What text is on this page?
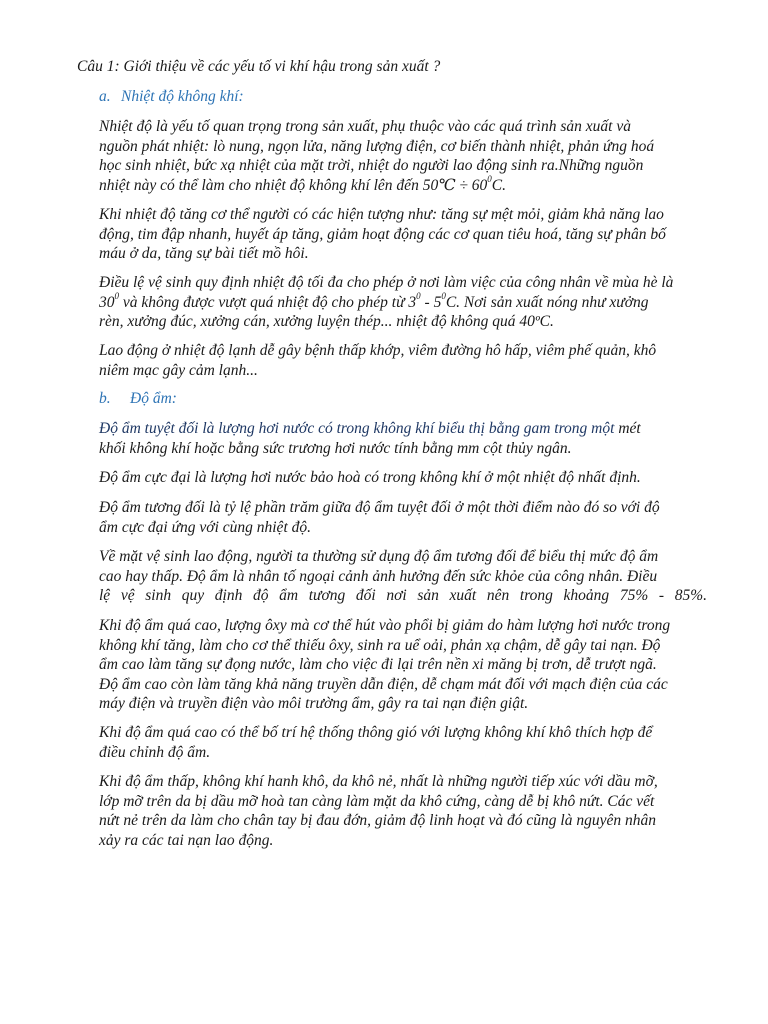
Câu 1: Giới thiệu về các yếu tố vi khí hậu trong sản xuất ?
a. Nhiệt độ không khí:
Nhiệt độ là yếu tố quan trọng trong sản xuất, phụ thuộc vào các quá trình sản xuất và
nguồn phát nhiệt: lò nung, ngọn lửa, năng lượng điện, cơ biến thành nhiệt, phản ứng hoá
học sinh nhiệt, bức xạ nhiệt của mặt trời, nhiệt do người lao động sinh ra.Những nguồn
nhiệt này có thể làm cho nhiệt độ không khí lên đến 50℃ ÷ $60^0C$.
Khi nhiệt độ tăng cơ thể người có các hiện tượng như: tăng sự mệt mỏi, giảm khả năng lao
động, tim đập nhanh, huyết áp tăng, giảm hoạt động các cơ quan tiêu hoá, tăng sự phân bố
máu ở da, tăng sự bài tiết mồ hôi.
Điều lệ vệ sinh quy định nhiệt độ tối đa cho phép ở nơi làm việc của công nhân về mùa hè là
$30^0$ và không được vượt quá nhiệt độ cho phép từ $3^0 - 5^0C$. Nơi sản xuất nóng như xưởng
rèn, xưởng đúc, xưởng cán, xưởng luyện thép... nhiệt độ không quá 40ºC.
Lao động ở nhiệt độ lạnh dễ gây bệnh thấp khớp, viêm đường hô hấp, viêm phế quản, khô
niêm mạc gây cảm lạnh...
b. Độ ẩm:
Độ ẩm tuyệt đối là lượng hơi nước có trong không khí biểu thị bằng gam trong một mét
khối không khí hoặc bằng sức trương hơi nước tính bằng mm cột thủy ngân.
Độ ẩm cực đại là lượng hơi nước bảo hoà có trong không khí ở một nhiệt độ nhất định.
Độ ẩm tương đối là tỷ lệ phần trăm giữa độ ẩm tuyệt đối ở một thời điểm nào đó so với độ
ẩm cực đại ứng với cùng nhiệt độ.
Về mặt vệ sinh lao động, người ta thường sử dụng độ ẩm tương đối để biểu thị mức độ ẩm
cao hay thấp. Độ ẩm là nhân tố ngoại cảnh ảnh hưởng đến sức khỏe của công nhân. Điều
lệ vệ sinh quy định độ ẩm tương đối nơi sản xuất nên trong khoảng 75% - 85%.
Khi độ ẩm quá cao, lượng ôxy mà cơ thể hút vào phổi bị giảm do hàm lượng hơi nước trong
không khí tăng, làm cho cơ thể thiếu ôxy, sinh ra uể oải, phản xạ chậm, dễ gây tai nạn. Độ
ẩm cao làm tăng sự đọng nước, làm cho việc đi lại trên nền xi măng bị trơn, dễ trượt ngã.
Độ ẩm cao còn làm tăng khả năng truyền dẫn điện, dễ chạm mát đối với mạch điện của các
máy điện và truyền điện vào môi trường ẩm, gây ra tai nạn điện giật.
Khi độ ẩm quá cao có thể bố trí hệ thống thông gió với lượng không khí khô thích hợp để
điều chỉnh độ ẩm.
Khi độ ẩm thấp, không khí hanh khô, da khô nẻ, nhất là những người tiếp xúc với dầu mỡ,
lớp mỡ trên da bị dầu mỡ hoà tan càng làm mặt da khô cứng, càng dễ bị khô nứt. Các vết
nứt nẻ trên da làm cho chân tay bị đau đớn, giảm độ linh hoạt và đó cũng là nguyên nhân
xảy ra các tai nạn lao động.
